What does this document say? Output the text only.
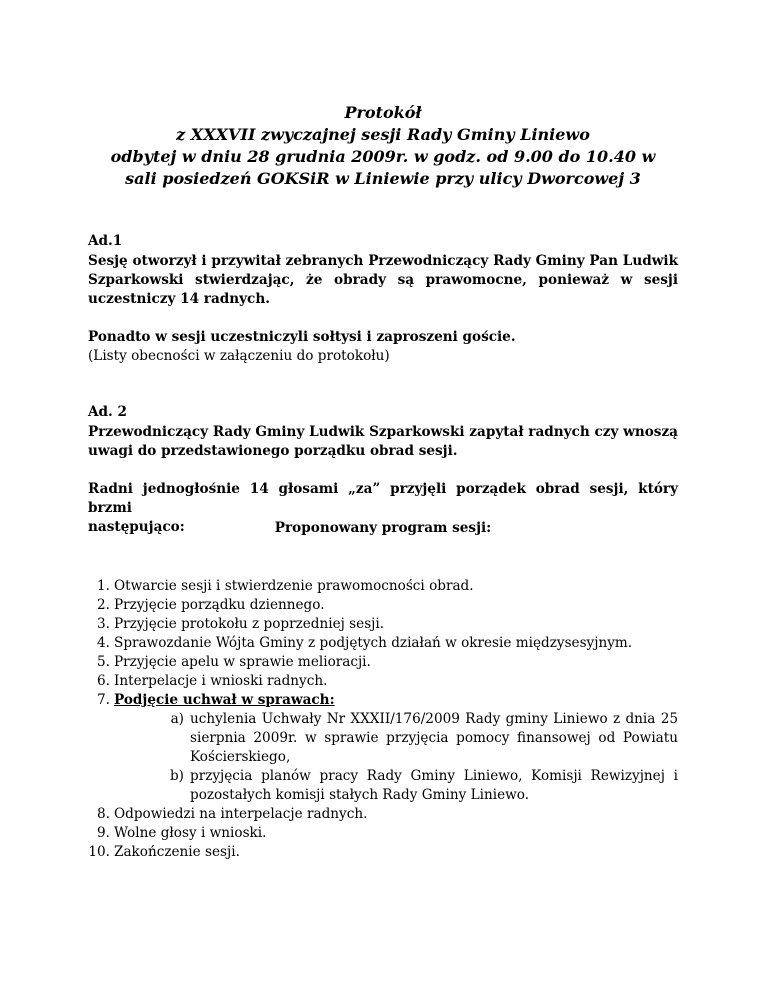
Protokół
z XXXVII zwyczajnej sesji Rady Gminy Liniewo
odbytej w dniu 28 grudnia 2009r. w godz. od 9.00 do 10.40 w
sali posiedzeń GOKSiR w Liniewie przy ulicy Dworcowej 3
Ad.1
Sesję otworzył i przywitał zebranych Przewodniczący Rady Gminy Pan Ludwik
Szparkowski stwierdzając, że obrady są prawomocne, ponieważ w sesji
uczestniczy 14 radnych.
Ponadto w sesji uczestniczyli sołtysi i zaproszeni goście.
(Listy obecności w załączeniu do protokołu)
Ad. 2
Przewodniczący Rady Gminy Ludwik Szparkowski zapytał radnych czy wnoszą
uwagi do przedstawionego porządku obrad sesji.
Radni jednogłośnie 14 głosami „za” przyjęli porządek obrad sesji, który brzmi
następująco:	Proponowany program sesji:
1. Otwarcie sesji i stwierdzenie prawomocności obrad.
2. Przyjęcie porządku dziennego.
3. Przyjęcie protokołu z poprzedniej sesji.
4. Sprawozdanie Wójta Gminy z podjętych działań w okresie międzysesyjnym.
5. Przyjęcie apelu w sprawie melioracji.
6. Interpelacje i wnioski radnych.
7. Podjęcie uchwał w sprawach:
a) uchylenia Uchwały Nr XXXII/176/2009 Rady gminy Liniewo z dnia 25
sierpnia 2009r. w sprawie przyjęcia pomocy finansowej od Powiatu
Kościerskiego,
b) przyjęcia planów pracy Rady Gminy Liniewo, Komisji Rewizyjnej i
pozostałych komisji stałych Rady Gminy Liniewo.
8. Odpowiedzi na interpelacje radnych.
9. Wolne głosy i wnioski.
10. Zakończenie sesji.
